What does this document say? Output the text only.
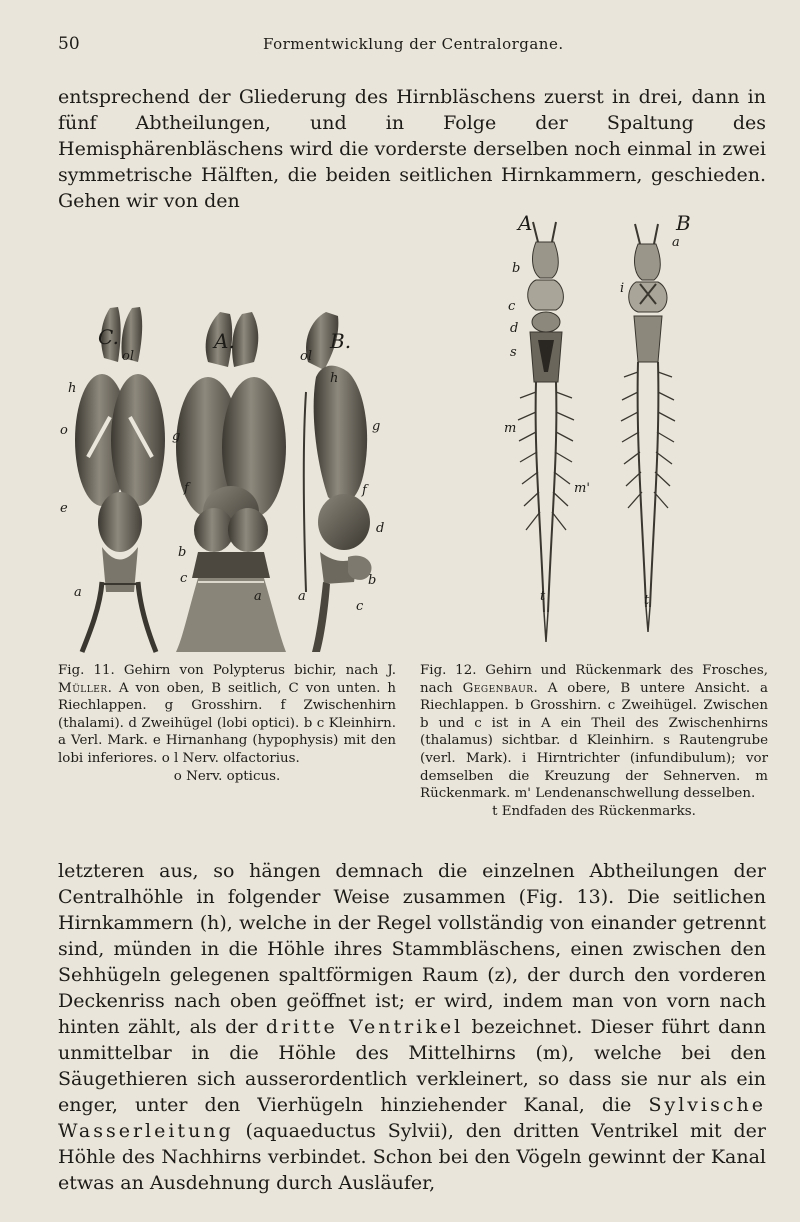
50	Formentwicklung der Centralorgane.

entsprechend der Gliederung des Hirnbläschens zuerst in drei, dann in fünf Abtheilungen, und in Folge der Spaltung des Hemisphärenbläschens wird die vorderste derselben noch einmal in zwei symmetrische Hälften, die beiden seitlichen Hirnkammern, geschieden. Gehen wir von den

C.	A.	B.
A	B
ol
h
o
e
a
g
f
b
c
a
ol
h
g
f
d
b
c
a
b
c
d
s
m
m'
t
a
i
t
Fig. 11. Gehirn von Polypterus bichir, nach J. Müller. A von oben, B seitlich, C von unten. h Riechlappen. g Grosshirn. f Zwischenhirn (thalami). d Zweihügel (lobi optici). b c Kleinhirn. a Verl. Mark. e Hirnanhang (hypophysis) mit den lobi inferiores. o l Nerv. olfactorius.
o Nerv. opticus.
Fig. 12. Gehirn und Rückenmark des Frosches, nach Gegenbaur. A obere, B untere Ansicht. a Riechlappen. b Grosshirn. c Zweihügel. Zwischen b und c ist in A ein Theil des Zwischenhirns (thalamus) sichtbar. d Kleinhirn. s Rautengrube (verl. Mark). i Hirntrichter (infundibulum); vor demselben die Kreuzung der Sehnerven. m Rückenmark. m' Lendenanschwellung desselben.
t Endfaden des Rückenmarks.

letzteren aus, so hängen demnach die einzelnen Abtheilungen der Centralhöhle in folgender Weise zusammen (Fig. 13). Die seitlichen Hirnkammern (h), welche in der Regel vollständig von einander getrennt sind, münden in die Höhle ihres Stammbläschens, einen zwischen den Sehhügeln gelegenen spaltförmigen Raum (z), der durch den vorderen Deckenriss nach oben geöffnet ist; er wird, indem man von vorn nach hinten zählt, als der dritte Ventrikel bezeichnet. Dieser führt dann unmittelbar in die Höhle des Mittelhirns (m), welche bei den Säugethieren sich ausserordentlich verkleinert, so dass sie nur als ein enger, unter den Vierhügeln hinziehender Kanal, die Sylvische Wasserleitung (aquaeductus Sylvii), den dritten Ventrikel mit der Höhle des Nachhirns verbindet. Schon bei den Vögeln gewinnt der Kanal etwas an Ausdehnung durch Ausläufer,
